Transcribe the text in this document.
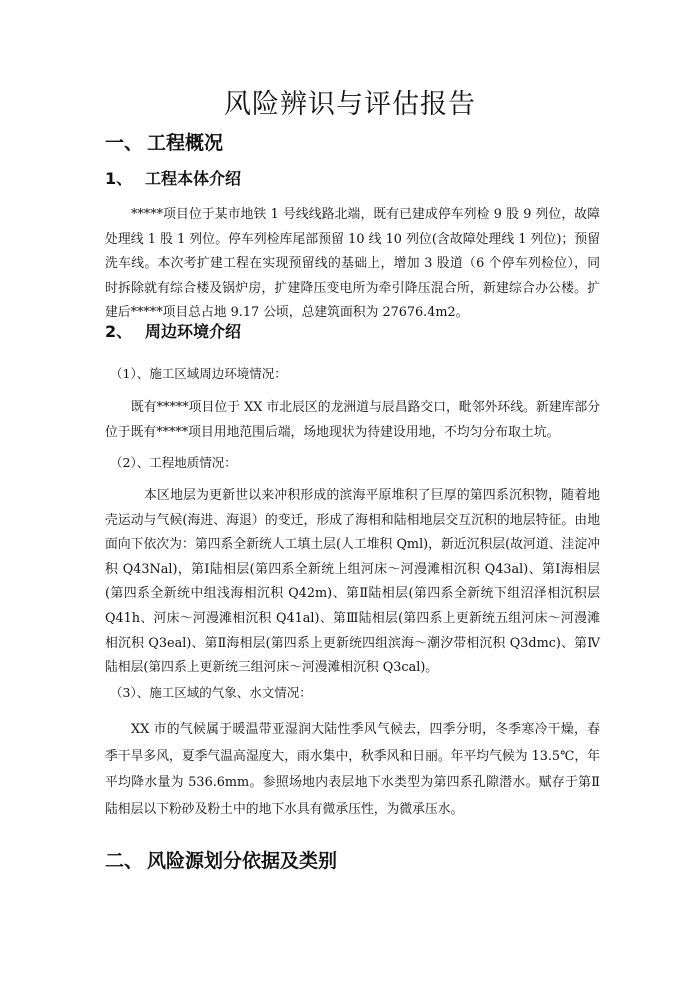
风险辨识与评估报告
一、 工程概况
1、 工程本体介绍
*****项目位于某市地铁 1 号线线路北端，既有已建成停车列检 9 股 9 列位，故障处理线 1 股 1 列位。停车列检库尾部预留 10 线 10 列位(含故障处理线 1 列位)；预留洗车线。本次考扩建工程在实现预留线的基础上，增加 3 股道（6 个停车列检位），同时拆除就有综合楼及锅炉房，扩建降压变电所为牵引降压混合所，新建综合办公楼。扩建后*****项目总占地 9.17 公顷，总建筑面积为 27676.4m2。
2、 周边环境介绍
（1）、施工区域周边环境情况：
既有*****项目位于 XX 市北辰区的龙洲道与辰昌路交口，毗邻外环线。新建库部分位于既有*****项目用地范围后端，场地现状为待建设用地，不均匀分布取土坑。
（2）、工程地质情况：
本区地层为更新世以来冲积形成的滨海平原堆积了巨厚的第四系沉积物，随着地壳运动与气候(海进、海退）的变迁，形成了海相和陆相地层交互沉积的地层特征。由地面向下依次为：第四系全新统人工填土层(人工堆积 Qml)，新近沉积层(故河道、洼淀冲积 Q43Nal)，第Ⅰ陆相层(第四系全新统上组河床～河漫滩相沉积 Q43al)、第Ⅰ海相层(第四系全新统中组浅海相沉积 Q42m)、第Ⅱ陆相层(第四系全新统下组沼泽相沉积层 Q41h、河床～河漫滩相沉积 Q41al)、第Ⅲ陆相层(第四系上更新统五组河床～河漫滩相沉积 Q3eal)、第Ⅱ海相层(第四系上更新统四组滨海～潮汐带相沉积 Q3dmc)、第Ⅳ陆相层(第四系上更新统三组河床～河漫滩相沉积 Q3cal)。
（3）、施工区域的气象、水文情况：
XX 市的气候属于暖温带亚湿润大陆性季风气候去，四季分明，冬季寒冷干燥，春季干旱多风，夏季气温高湿度大，雨水集中，秋季风和日丽。年平均气候为 13.5℃，年平均降水量为 536.6mm。参照场地内表层地下水类型为第四系孔隙潜水。赋存于第Ⅱ陆相层以下粉砂及粉土中的地下水具有微承压性，为微承压水。
二、 风险源划分依据及类别
